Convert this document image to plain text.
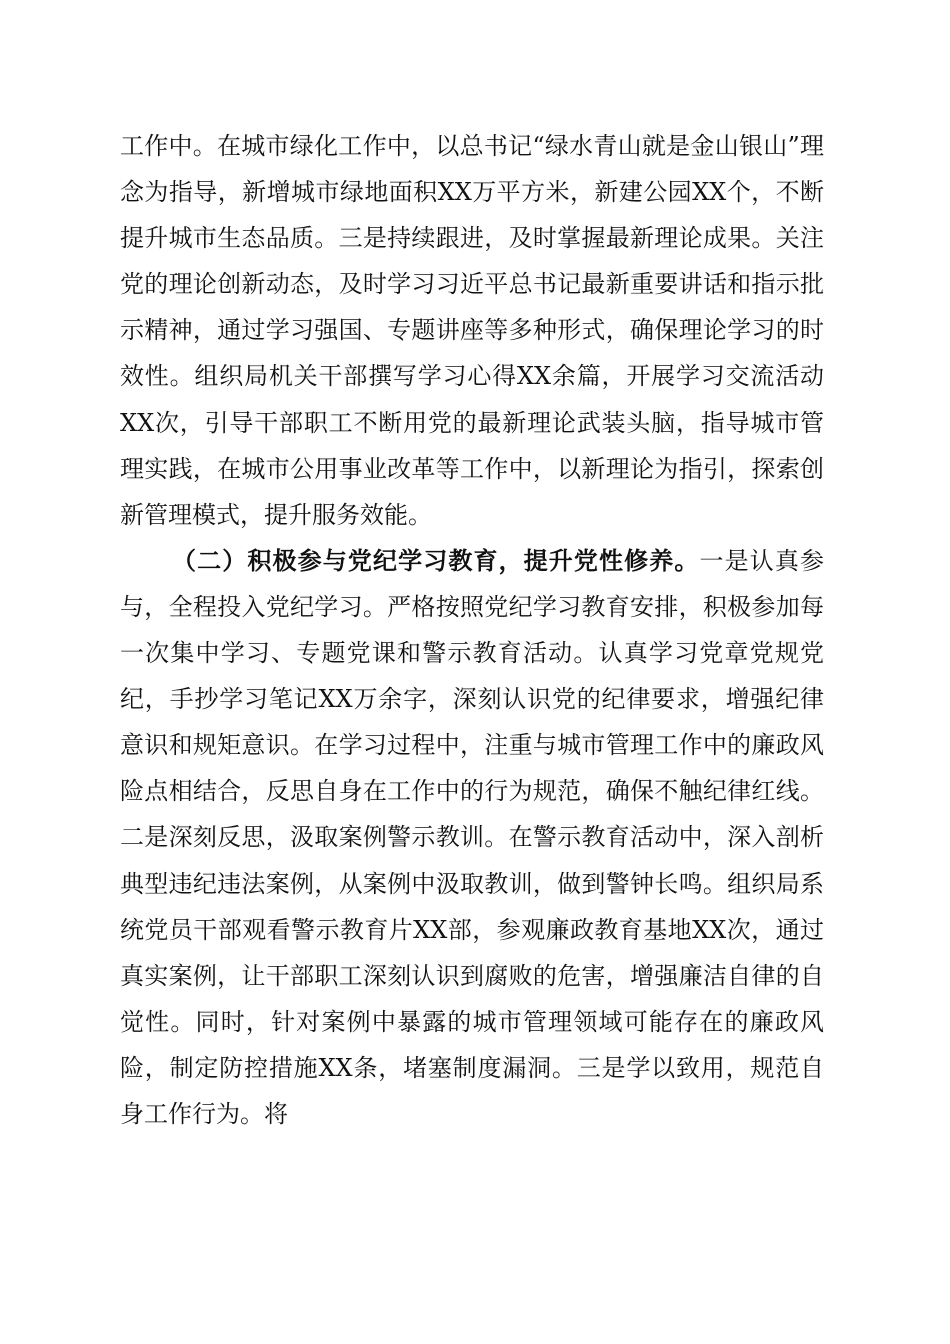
工作中。在城市绿化工作中，以总书记“绿水青山就是金山银山”理念为指导，新增城市绿地面积XX万平方米，新建公园XX个，不断提升城市生态品质。三是持续跟进，及时掌握最新理论成果。关注党的理论创新动态，及时学习习近平总书记最新重要讲话和指示批示精神，通过学习强国、专题讲座等多种形式，确保理论学习的时效性。组织局机关干部撰写学习心得XX余篇，开展学习交流活动XX次，引导干部职工不断用党的最新理论武装头脑，指导城市管理实践，在城市公用事业改革等工作中，以新理论为指引，探索创新管理模式，提升服务效能。

（二）积极参与党纪学习教育，提升党性修养。一是认真参与，全程投入党纪学习。严格按照党纪学习教育安排，积极参加每一次集中学习、专题党课和警示教育活动。认真学习党章党规党纪，手抄学习笔记XX万余字，深刻认识党的纪律要求，增强纪律意识和规矩意识。在学习过程中，注重与城市管理工作中的廉政风险点相结合，反思自身在工作中的行为规范，确保不触纪律红线。二是深刻反思，汲取案例警示教训。在警示教育活动中，深入剖析典型违纪违法案例，从案例中汲取教训，做到警钟长鸣。组织局系统党员干部观看警示教育片XX部，参观廉政教育基地XX次，通过真实案例，让干部职工深刻认识到腐败的危害，增强廉洁自律的自觉性。同时，针对案例中暴露的城市管理领域可能存在的廉政风险，制定防控措施XX条，堵塞制度漏洞。三是学以致用，规范自身工作行为。将
